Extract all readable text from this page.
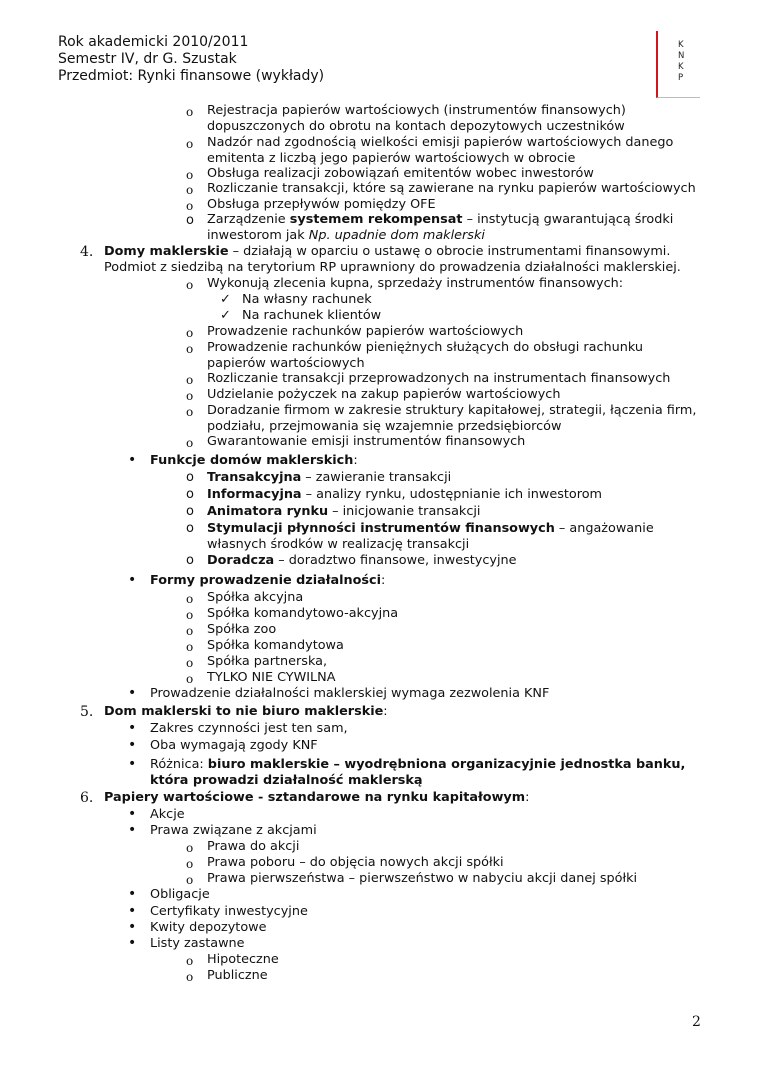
Rok akademicki 2010/2011
Semestr IV, dr G. Szustak
Przedmiot: Rynki finansowe (wykłady)
K
N
K
P
o Rejestracja papierów wartościowych (instrumentów finansowych)
dopuszczonych do obrotu na kontach depozytowych uczestników
o Nadzór nad zgodnością wielkości emisji papierów wartościowych danego
emitenta z liczbą jego papierów wartościowych w obrocie
o Obsługa realizacji zobowiązań emitentów wobec inwestorów
o Rozliczanie transakcji, które są zawierane na rynku papierów wartościowych
o Obsługa przepływów pomiędzy OFE
o Zarządzenie systemem rekompensat – instytucją gwarantującą środki
inwestorom jak Np. upadnie dom maklerski
4. Domy maklerskie – działają w oparciu o ustawę o obrocie instrumentami finansowymi.
Podmiot z siedzibą na terytorium RP uprawniony do prowadzenia działalności maklerskiej.
o Wykonują zlecenia kupna, sprzedaży instrumentów finansowych:
✓ Na własny rachunek
✓ Na rachunek klientów
o Prowadzenie rachunków papierów wartościowych
o Prowadzenie rachunków pieniężnych służących do obsługi rachunku
papierów wartościowych
o Rozliczanie transakcji przeprowadzonych na instrumentach finansowych
o Udzielanie pożyczek na zakup papierów wartościowych
o Doradzanie firmom w zakresie struktury kapitałowej, strategii, łączenia firm,
podziału, przejmowania się wzajemnie przedsiębiorców
o Gwarantowanie emisji instrumentów finansowych
• Funkcje domów maklerskich:
o Transakcyjna – zawieranie transakcji
o Informacyjna – analizy rynku, udostępnianie ich inwestorom
o Animatora rynku – inicjowanie transakcji
o Stymulacji płynności instrumentów finansowych – angażowanie
własnych środków w realizację transakcji
o Doradcza – doradztwo finansowe, inwestycyjne
• Formy prowadzenie działalności:
o Spółka akcyjna
o Spółka komandytowo-akcyjna
o Spółka zoo
o Spółka komandytowa
o Spółka partnerska,
o TYLKO NIE CYWILNA
• Prowadzenie działalności maklerskiej wymaga zezwolenia KNF
5. Dom maklerski to nie biuro maklerskie:
• Zakres czynności jest ten sam,
• Oba wymagają zgody KNF
• Różnica: biuro maklerskie – wyodrębniona organizacyjnie jednostka banku,
która prowadzi działalność maklerską
6. Papiery wartościowe - sztandarowe na rynku kapitałowym:
• Akcje
• Prawa związane z akcjami
o Prawa do akcji
o Prawa poboru – do objęcia nowych akcji spółki
o Prawa pierwszeństwa – pierwszeństwo w nabyciu akcji danej spółki
• Obligacje
• Certyfikaty inwestycyjne
• Kwity depozytowe
• Listy zastawne
o Hipoteczne
o Publiczne
2
